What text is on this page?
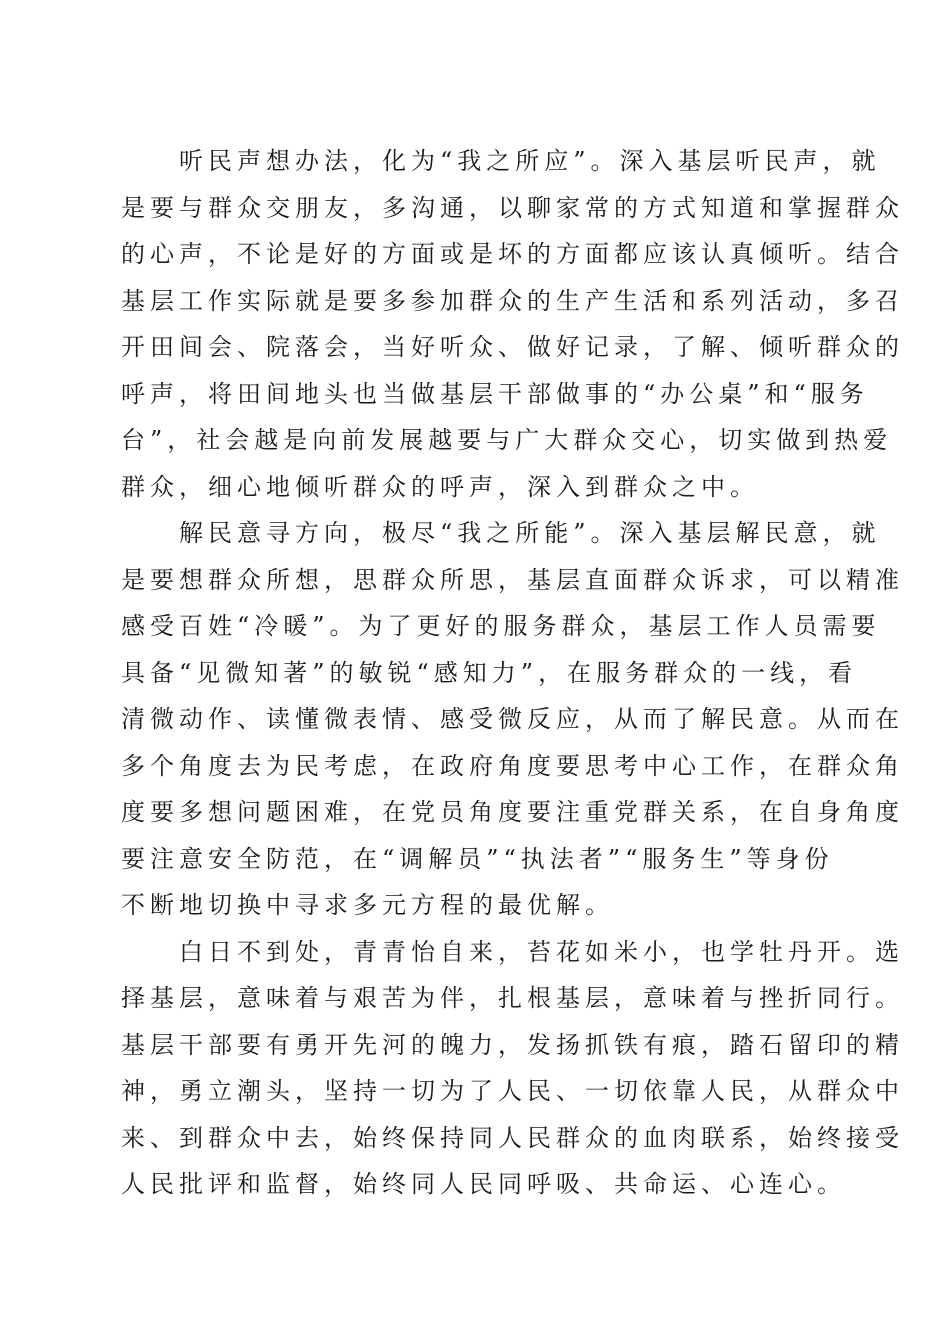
听民声想办法，化为“我之所应”。深入基层听民声，就
是要与群众交朋友，多沟通，以聊家常的方式知道和掌握群众
的心声，不论是好的方面或是坏的方面都应该认真倾听。结合
基层工作实际就是要多参加群众的生产生活和系列活动，多召
开田间会、院落会，当好听众、做好记录，了解、倾听群众的
呼声，将田间地头也当做基层干部做事的“办公桌”和“服务
台”，社会越是向前发展越要与广大群众交心，切实做到热爱
群众，细心地倾听群众的呼声，深入到群众之中。
解民意寻方向，极尽“我之所能”。深入基层解民意，就
是要想群众所想，思群众所思，基层直面群众诉求，可以精准
感受百姓“冷暖”。为了更好的服务群众，基层工作人员需要
具备“见微知著”的敏锐“感知力”，在服务群众的一线，看
清微动作、读懂微表情、感受微反应，从而了解民意。从而在
多个角度去为民考虑，在政府角度要思考中心工作，在群众角
度要多想问题困难，在党员角度要注重党群关系，在自身角度
要注意安全防范，在“调解员”“执法者”“服务生”等身份
不断地切换中寻求多元方程的最优解。
白日不到处，青青怡自来，苔花如米小，也学牡丹开。选
择基层，意味着与艰苦为伴，扎根基层，意味着与挫折同行。
基层干部要有勇开先河的魄力，发扬抓铁有痕，踏石留印的精
神，勇立潮头，坚持一切为了人民、一切依靠人民，从群众中
来、到群众中去，始终保持同人民群众的血肉联系，始终接受
人民批评和监督，始终同人民同呼吸、共命运、心连心。
